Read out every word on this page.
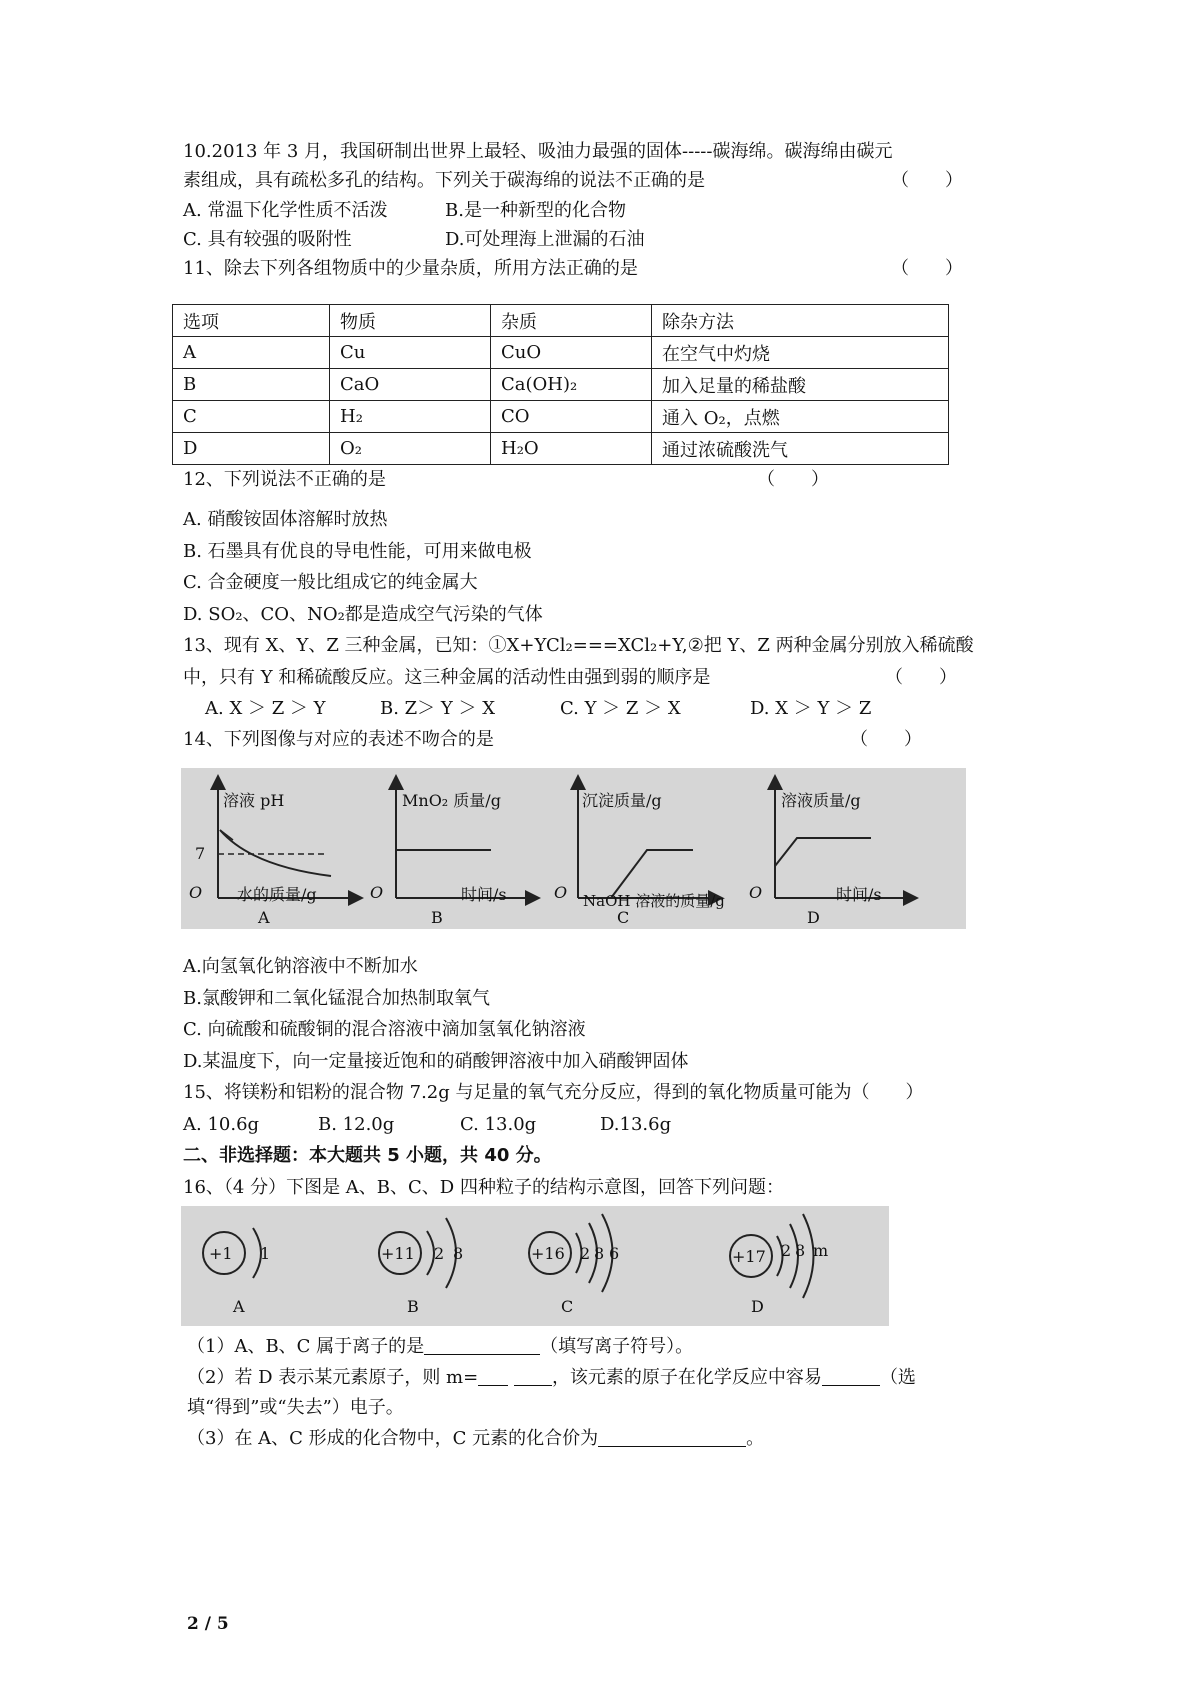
10.2013 年 3 月，我国研制出世界上最轻、吸油力最强的固体-----碳海绵。碳海绵由碳元
素组成，具有疏松多孔的结构。下列关于碳海绵的说法不正确的是	（　　）
A. 常温下化学性质不活泼	B.是一种新型的化合物
C. 具有较强的吸附性	D.可处理海上泄漏的石油
11、除去下列各组物质中的少量杂质，所用方法正确的是	（　　）
选项	物质	杂质	除杂方法
A	Cu	CuO	在空气中灼烧
B	CaO	Ca(OH)₂	加入足量的稀盐酸
C	H₂	CO	通入 O₂，点燃
D	O₂	H₂O	通过浓硫酸洗气
12、下列说法不正确的是	（　　）
A. 硝酸铵固体溶解时放热
B. 石墨具有优良的导电性能，可用来做电极
C. 合金硬度一般比组成它的纯金属大
D. SO₂、CO、NO₂都是造成空气污染的气体
13、现有 X、Y、Z 三种金属，已知：①X+YCl₂===XCl₂+Y,②把 Y、Z 两种金属分别放入稀硫酸
中，只有 Y 和稀硫酸反应。这三种金属的活动性由强到弱的顺序是	（　　）
A. X ＞ Z ＞ Y	B. Z＞ Y ＞ X	C. Y ＞ Z ＞ X	D. X ＞ Y ＞ Z
14、下列图像与对应的表述不吻合的是	（　　）
溶液 pH
7
O 水的质量/g
A
MnO₂ 质量/g
O	时间/s
B
沉淀质量/g
O NaOH 溶液的质量/g
C
溶液质量/g
O	时间/s
D
A.向氢氧化钠溶液中不断加水
B.氯酸钾和二氧化锰混合加热制取氧气
C. 向硫酸和硫酸铜的混合溶液中滴加氢氧化钠溶液
D.某温度下，向一定量接近饱和的硝酸钾溶液中加入硝酸钾固体
15、将镁粉和铝粉的混合物 7.2g 与足量的氧气充分反应，得到的氧化物质量可能为（　　）
A. 10.6g	B. 12.0g	C. 13.0g	D.13.6g
二、非选择题：本大题共 5 小题，共 40 分。
16、（4 分）下图是 A、B、C、D 四种粒子的结构示意图，回答下列问题：
+1 1
A
+11 2 8
B
+16 2 8 6
C
+17 2 8 m
D
（1）A、B、C 属于离子的是	（填写离子符号）。
（2）若 D 表示某元素原子，则 m=	，该元素的原子在化学反应中容易	（选
填“得到”或“失去”）电子。
（3）在 A、C 形成的化合物中，C 元素的化合价为	。
2 / 5
